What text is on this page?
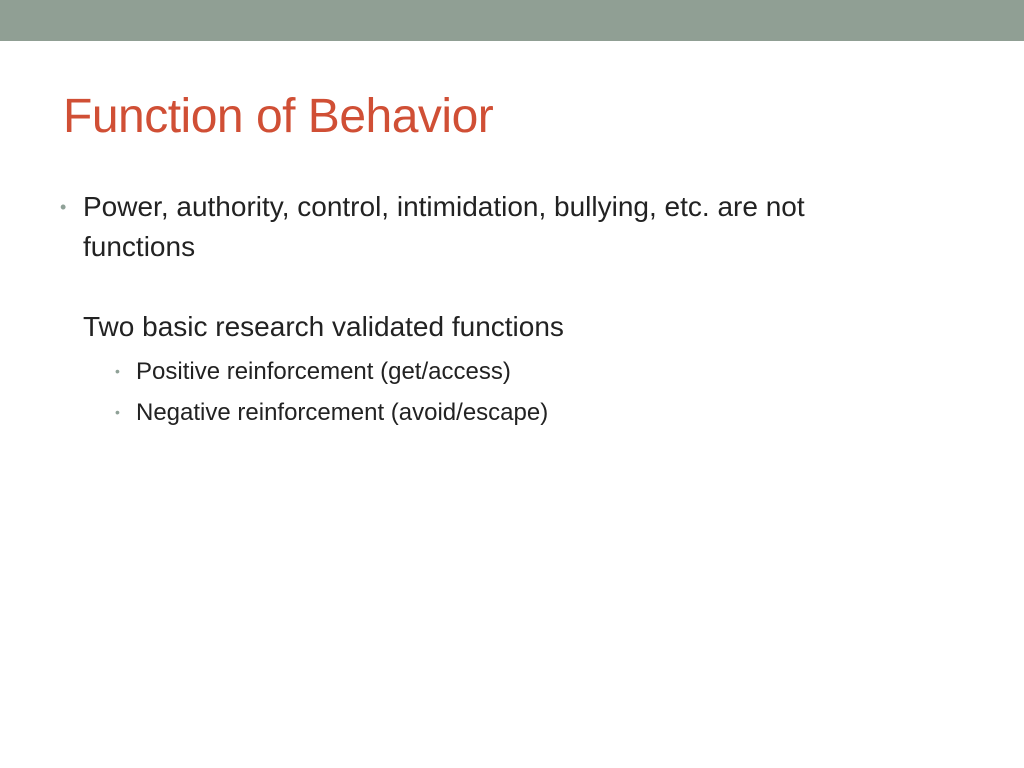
Function of Behavior
• Power, authority, control, intimidation, bullying, etc. are not
functions
Two basic research validated functions
• Positive reinforcement (get/access)
• Negative reinforcement (avoid/escape)
